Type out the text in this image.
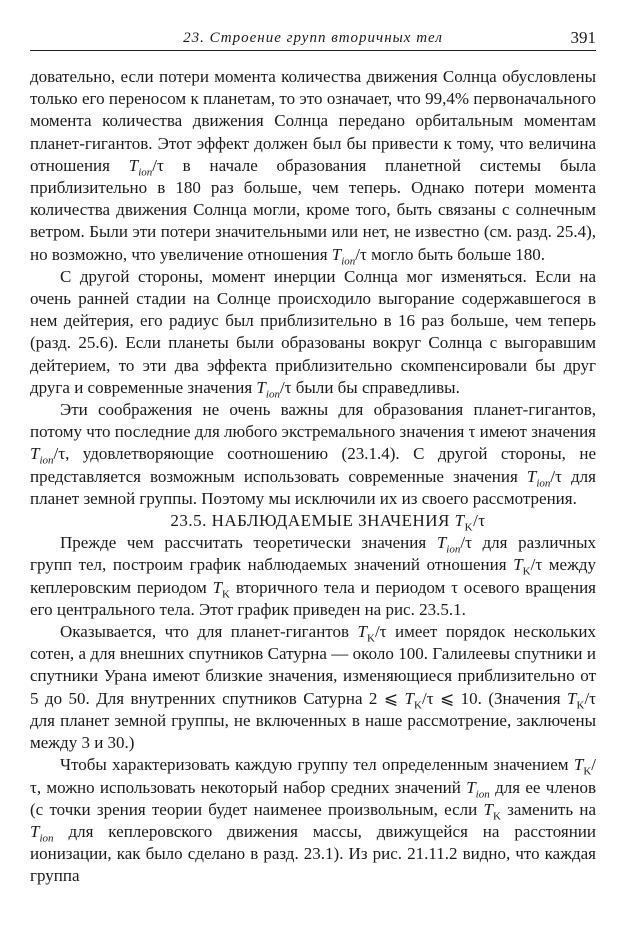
23. Строение групп вторичных тел	391

довательно, если потери момента количества движения Солнца обусловлены только его переносом к планетам, то это означает, что 99,4% первоначального момента количества движения Солнца передано орбитальным моментам планет-гигантов. Этот эффект должен был бы привести к тому, что величина отношения $T_{ion}/\tau$ в начале образования планетной системы была приблизительно в 180 раз больше, чем теперь. Однако потери момента количества движения Солнца могли, кроме того, быть связаны с солнечным ветром. Были эти потери значительными или нет, не известно (см. разд. 25.4), но возможно, что увеличение отношения $T_{ion}/\tau$ могло быть больше 180.

С другой стороны, момент инерции Солнца мог изменяться. Если на очень ранней стадии на Солнце происходило выгорание содержавшегося в нем дейтерия, его радиус был приблизительно в 16 раз больше, чем теперь (разд. 25.6). Если планеты были образованы вокруг Солнца с выгоравшим дейтерием, то эти два эффекта приблизительно скомпенсировали бы друг друга и современные значения $T_{ion}/\tau$ были бы справедливы.

Эти соображения не очень важны для образования планет-гигантов, потому что последние для любого экстремального значения τ имеют значения $T_{ion}/\tau$, удовлетворяющие соотношению (23.1.4). С другой стороны, не представляется возможным использовать современные значения $T_{ion}/\tau$ для планет земной группы. Поэтому мы исключили их из своего рассмотрения.

23.5. НАБЛЮДАЕМЫЕ ЗНАЧЕНИЯ $T_K/\tau$

Прежде чем рассчитать теоретически значения $T_{ion}/\tau$ для различных групп тел, построим график наблюдаемых значений отношения $T_K/\tau$ между кеплеровским периодом $T_K$ вторичного тела и периодом τ осевого вращения его центрального тела. Этот график приведен на рис. 23.5.1.

Оказывается, что для планет-гигантов $T_K/\tau$ имеет порядок нескольких сотен, а для внешних спутников Сатурна — около 100. Галилеевы спутники и спутники Урана имеют близкие значения, изменяющиеся приблизительно от 5 до 50. Для внутренних спутников Сатурна 2 ⩽ $T_K/\tau$ ⩽ 10. (Значения $T_K/\tau$ для планет земной группы, не включенных в наше рассмотрение, заключены между 3 и 30.)

Чтобы характеризовать каждую группу тел определенным значением $T_K/\tau$, можно использовать некоторый набор средних значений $T_{ion}$ для ее членов (с точки зрения теории будет наименее произвольным, если $T_K$ заменить на $T_{ion}$ для кеплеровского движения массы, движущейся на расстоянии ионизации, как было сделано в разд. 23.1). Из рис. 21.11.2 видно, что каждая группа
